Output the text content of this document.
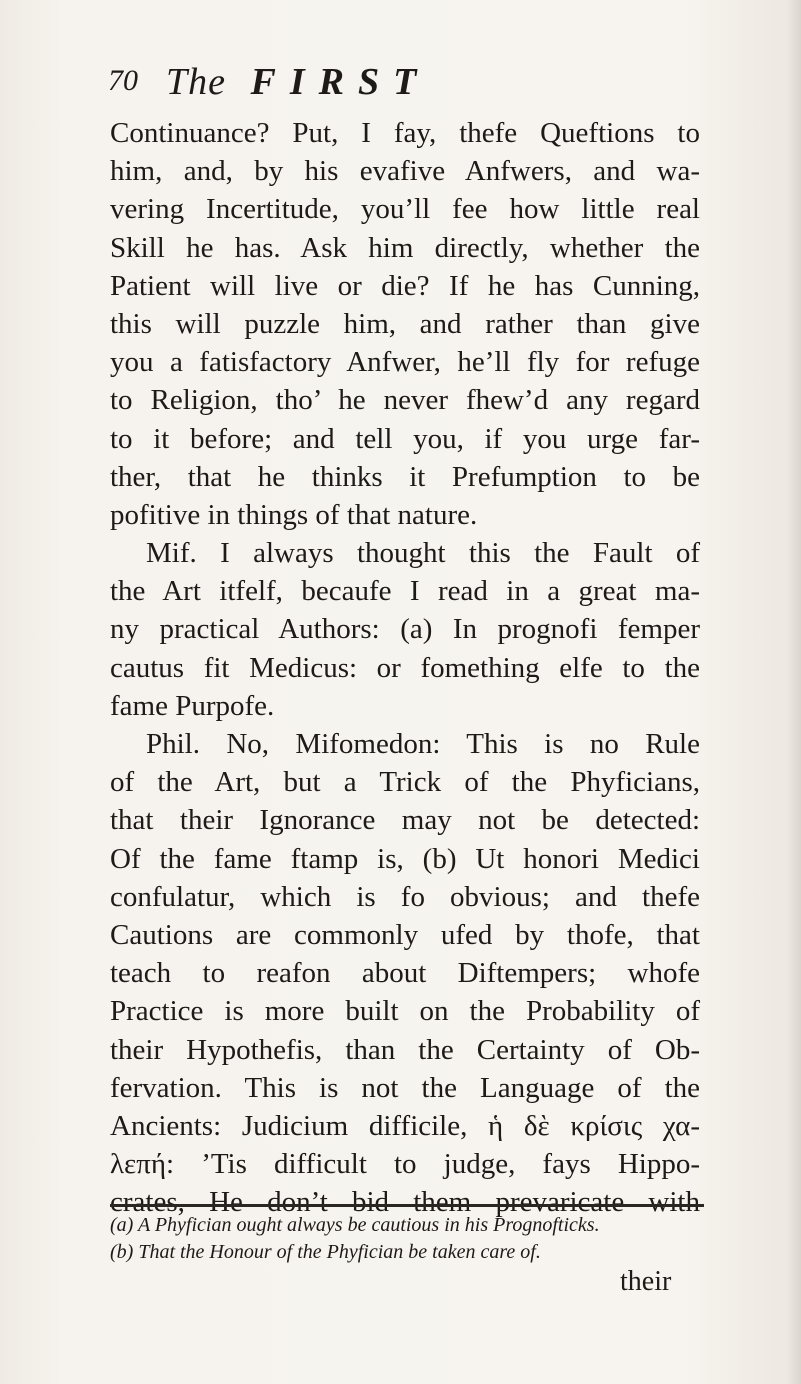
70 The FIRST
Continuance? Put, I fay, thefe Queftions to
him, and, by his evafive Anfwers, and wa-
vering Incertitude, you’ll fee how little real
Skill he has. Ask him directly, whether the
Patient will live or die? If he has Cunning,
this will puzzle him, and rather than give
you a fatisfactory Anfwer, he’ll fly for refuge
to Religion, tho’ he never fhew’d any regard
to it before; and tell you, if you urge far-
ther, that he thinks it Prefumption to be
pofitive in things of that nature.
Mif. I always thought this the Fault of
the Art itfelf, becaufe I read in a great ma-
ny practical Authors: (a) In prognofi femper
cautus fit Medicus: or fomething elfe to the
fame Purpofe.
Phil. No, Mifomedon: This is no Rule
of the Art, but a Trick of the Phyficians,
that their Ignorance may not be detected:
Of the fame ftamp is, (b) Ut honori Medici
confulatur, which is fo obvious; and thefe
Cautions are commonly ufed by thofe, that
teach to reafon about Diftempers; whofe
Practice is more built on the Probability of
their Hypothefis, than the Certainty of Ob-
fervation. This is not the Language of the
Ancients: Judicium difficile, ἡ δὲ κρίσις χα-
λεπή: ’Tis difficult to judge, fays Hippo-
crates, He don’t bid them prevaricate with
(a) A Phyfician ought always be cautious in his Prognofticks.
(b) That the Honour of the Phyfician be taken care of.
their
